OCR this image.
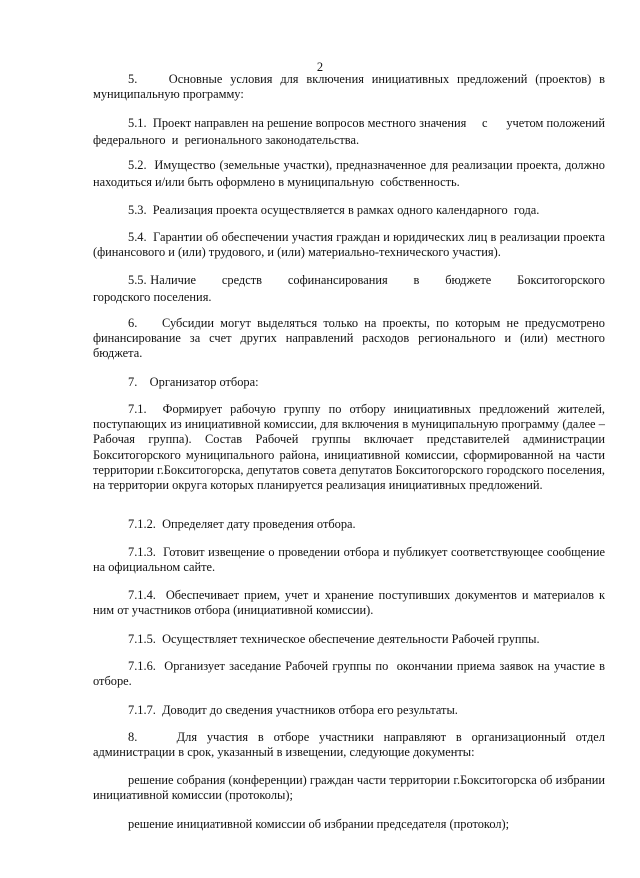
2

5.    Основные условия для включения инициативных предложений (проектов) в муниципальную программу:

5.1.  Проект направлен на решение вопросов местного значения     с      учетом положений федерального  и  регионального законодательства.

5.2.  Имущество (земельные участки), предназначенное для реализации проекта, должно находиться и/или быть оформлено в муниципальную  собственность.

5.3.  Реализация проекта осуществляется в рамках одного календарного  года.

5.4.  Гарантии об обеспечении участия граждан и юридических лиц в реализации проекта (финансового и (или) трудового, и (или) материально-технического участия).

5.5. Наличие       средств       софинансирования       в       бюджете       Бокситогорского городского поселения.

6.    Субсидии могут выделяться только на проекты, по которым не предусмотрено финансирование за счет других направлений расходов регионального и (или) местного бюджета.

7.    Организатор отбора:

7.1.  Формирует рабочую группу по отбору инициативных предложений жителей, поступающих из инициативной комиссии, для включения в муниципальную программу (далее – Рабочая группа). Состав Рабочей группы включает представителей администрации Бокситогорского муниципального района, инициативной комиссии, сформированной на части территории г.Бокситогорска, депутатов совета депутатов Бокситогорского городского поселения, на территории округа которых планируется реализация инициативных предложений.

7.1.2.  Определяет дату проведения отбора.

7.1.3.  Готовит извещение о проведении отбора и публикует соответствующее сообщение на официальном сайте.

7.1.4.  Обеспечивает прием, учет и хранение поступивших документов и материалов к ним от участников отбора (инициативной комиссии).

7.1.5.  Осуществляет техническое обеспечение деятельности Рабочей группы.

7.1.6.  Организует заседание Рабочей группы по  окончании приема заявок на участие в отборе.

7.1.7.  Доводит до сведения участников отбора его результаты.

8.    Для участия в отборе участники направляют в организационный отдел администрации в срок, указанный в извещении, следующие документы:

решение собрания (конференции) граждан части территории г.Бокситогорска об избрании инициативной комиссии (протоколы);

решение инициативной комиссии об избрании председателя (протокол);
